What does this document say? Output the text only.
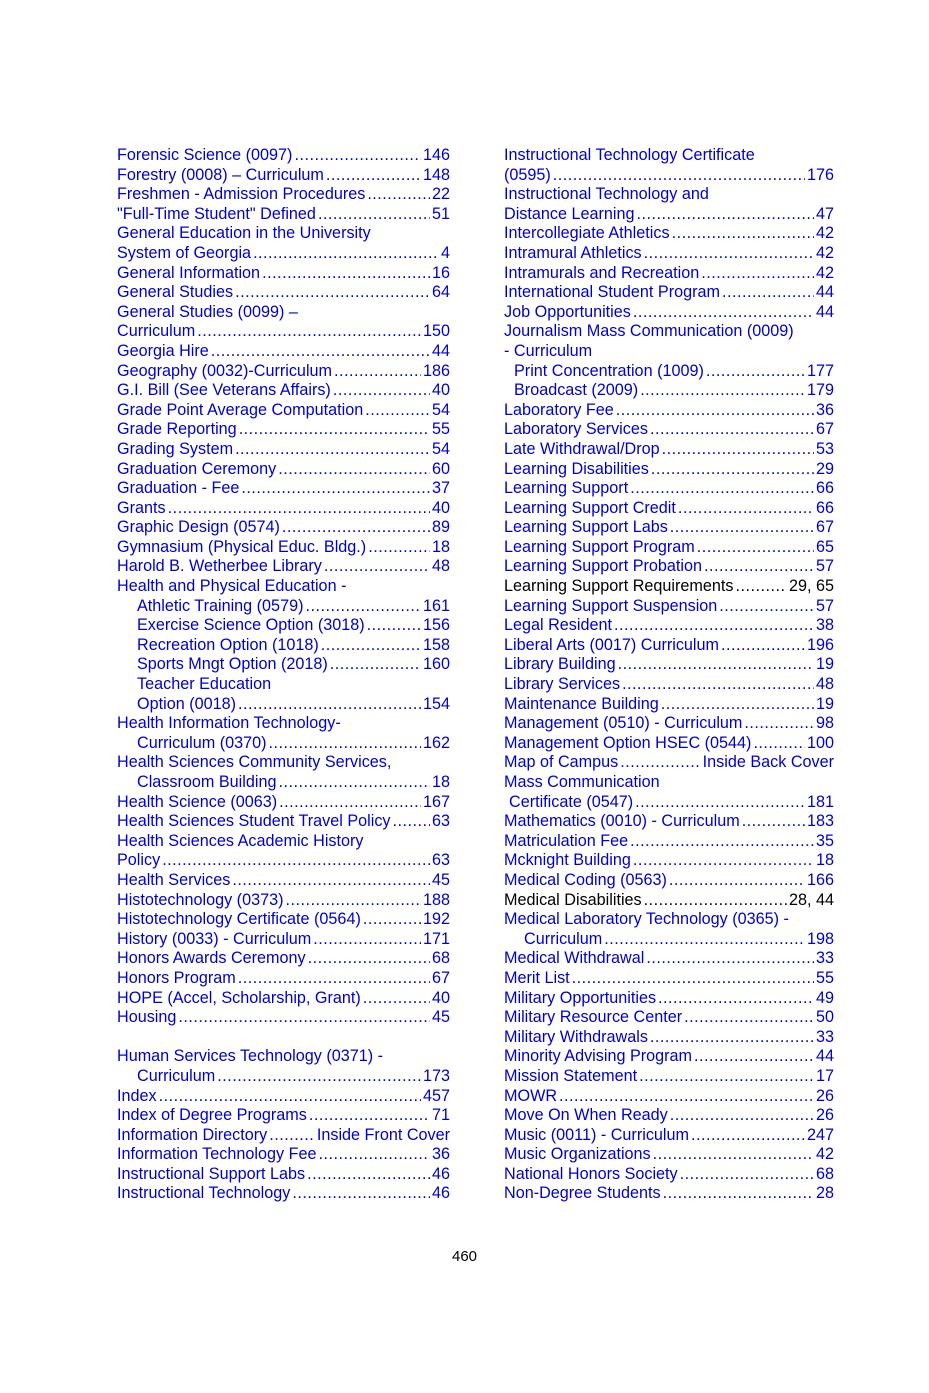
Forensic Science (0097) .....	146
Forestry (0008) – Curriculum .....	148
Freshmen - Admission Procedures .....	22
"Full-Time Student" Defined .....	51
General Education in the University
System of Georgia .....	4
General Information .....	16
General Studies .....	64
General Studies (0099) –
Curriculum .....	150
Georgia Hire .....	44
Geography (0032)-Curriculum .....	186
G.I. Bill (See Veterans Affairs) .....	40
Grade Point Average Computation .....	54
Grade Reporting .....	55
Grading System .....	54
Graduation Ceremony .....	60
Graduation - Fee .....	37
Grants .....	40
Graphic Design (0574) .....	89
Gymnasium (Physical Educ. Bldg.) .....	18
Harold B. Wetherbee Library .....	48
Health and Physical Education -
Athletic Training (0579) .....	161
Exercise Science Option (3018) .....	156
Recreation Option (1018) .....	158
Sports Mngt Option (2018) .....	160
Teacher Education
Option (0018) .....	154
Health Information Technology-
Curriculum (0370) .....	162
Health Sciences Community Services,
Classroom Building .....	18
Health Science (0063) .....	167
Health Sciences Student Travel Policy .....	63
Health Sciences Academic History
Policy .....	63
Health Services .....	45
Histotechnology (0373) .....	188
Histotechnology Certificate (0564) .....	192
History (0033) - Curriculum .....	171
Honors Awards Ceremony .....	68
Honors Program .....	67
HOPE (Accel, Scholarship, Grant) .....	40
Housing .....	45
Human Services Technology (0371) -
Curriculum .....	173
Index .....	457
Index of Degree Programs .....	71
Information Directory .....	Inside Front Cover
Information Technology Fee .....	36
Instructional Support Labs .....	46
Instructional Technology .....	46
Instructional Technology Certificate
(0595) .....	176
Instructional Technology and
Distance Learning .....	47
Intercollegiate Athletics .....	42
Intramural Athletics .....	42
Intramurals and Recreation .....	42
International Student Program .....	44
Job Opportunities .....	44
Journalism Mass Communication (0009)
- Curriculum
Print Concentration (1009) .....	177
Broadcast (2009) .....	179
Laboratory Fee .....	36
Laboratory Services .....	67
Late Withdrawal/Drop .....	53
Learning Disabilities .....	29
Learning Support .....	66
Learning Support Credit .....	66
Learning Support Labs .....	67
Learning Support Program .....	65
Learning Support Probation .....	57
Learning Support Requirements .....	29, 65
Learning Support Suspension .....	57
Legal Resident .....	38
Liberal Arts (0017) Curriculum .....	196
Library Building .....	19
Library Services .....	48
Maintenance Building .....	19
Management (0510) - Curriculum .....	98
Management Option HSEC (0544) .....	100
Map of Campus .....	Inside Back Cover
Mass Communication
Certificate (0547) .....	181
Mathematics (0010) - Curriculum .....	183
Matriculation Fee .....	35
Mcknight Building .....	18
Medical Coding (0563) .....	166
Medical Disabilities .....	28, 44
Medical Laboratory Technology (0365) -
Curriculum .....	198
Medical Withdrawal .....	33
Merit List .....	55
Military Opportunities .....	49
Military Resource Center .....	50
Military Withdrawals .....	33
Minority Advising Program .....	44
Mission Statement .....	17
MOWR .....	26
Move On When Ready .....	26
Music (0011) - Curriculum .....	247
Music Organizations .....	42
National Honors Society .....	68
Non-Degree Students .....	28
460
